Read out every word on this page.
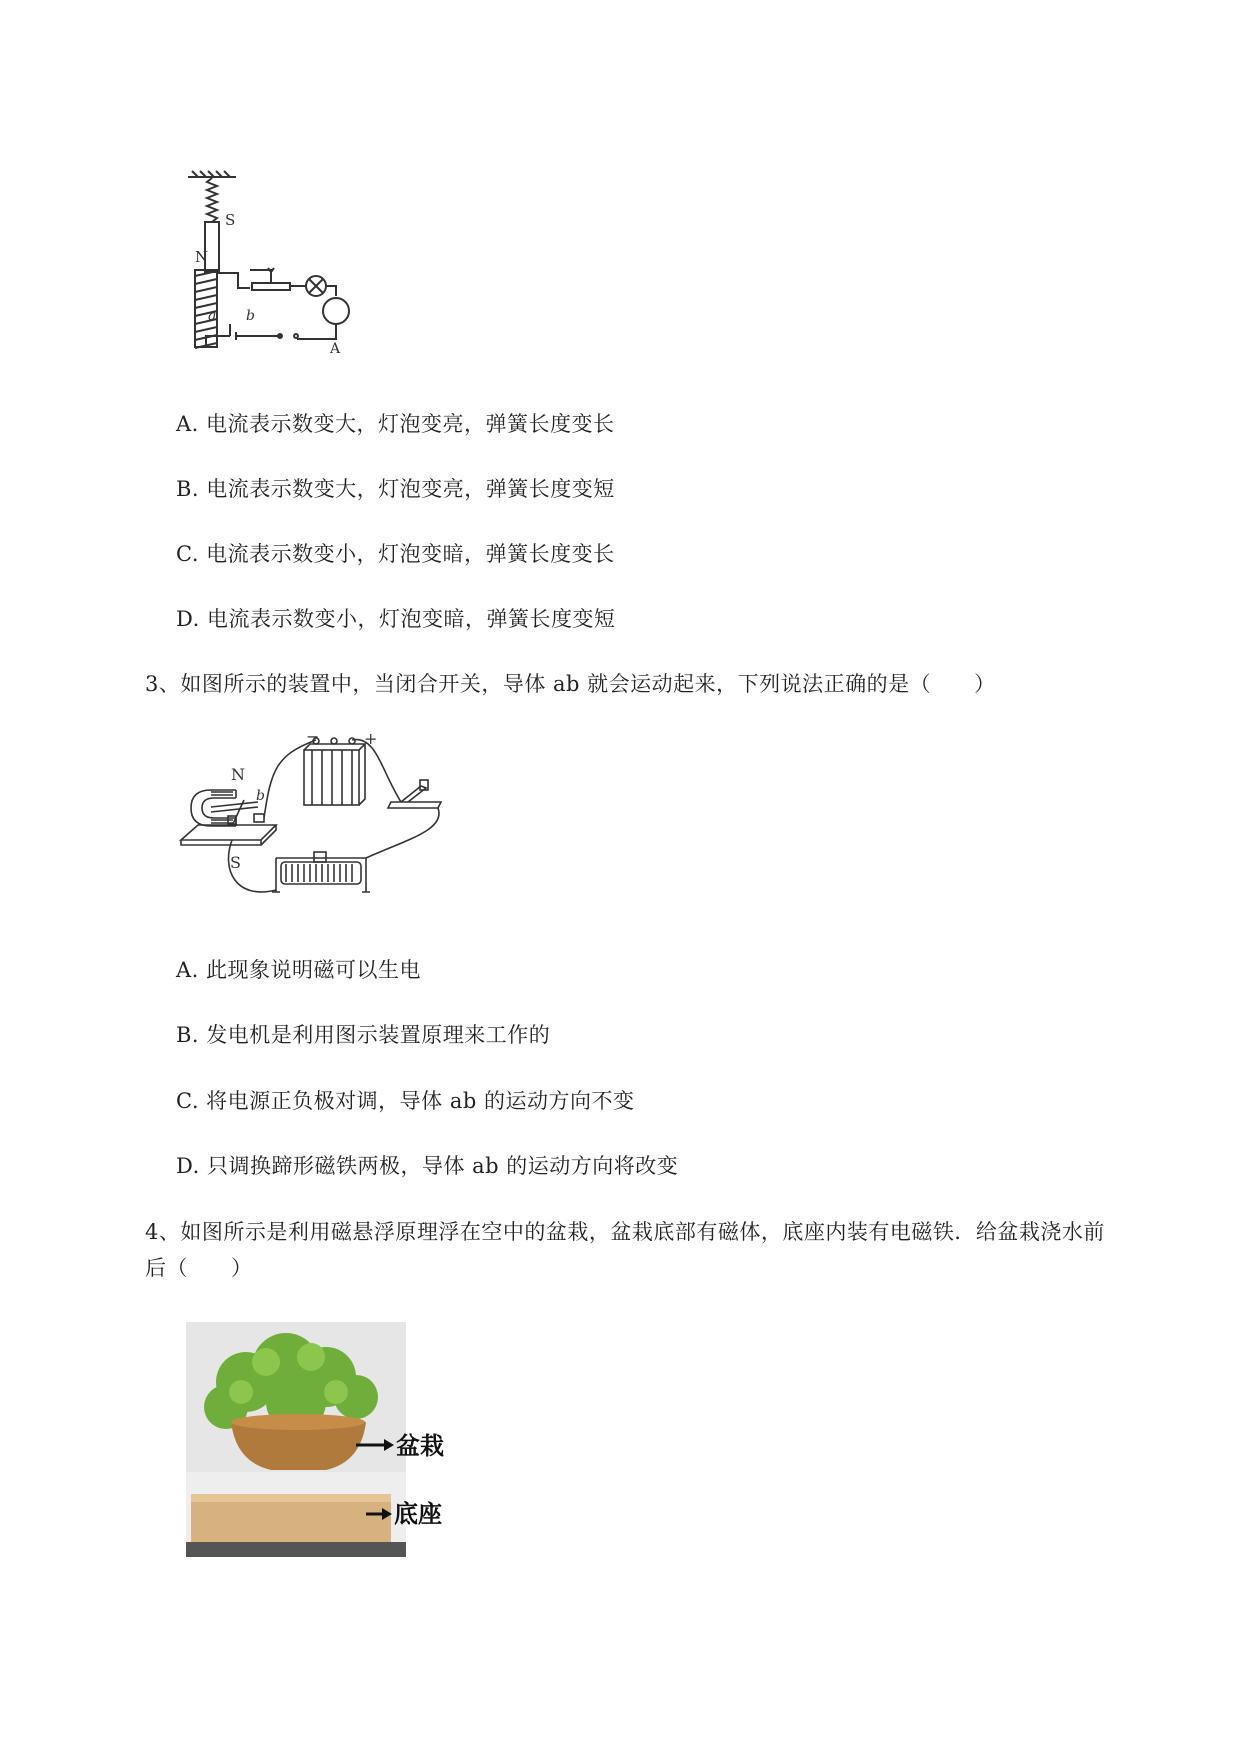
S
N
a b
A
A. 电流表示数变大，灯泡变亮，弹簧长度变长
B. 电流表示数变大，灯泡变亮，弹簧长度变短
C. 电流表示数变小，灯泡变暗，弹簧长度变长
D. 电流表示数变小，灯泡变暗，弹簧长度变短
3、如图所示的装置中，当闭合开关，导体 ab 就会运动起来，下列说法正确的是（　　）
N
S
b
−	+
A. 此现象说明磁可以生电
B. 发电机是利用图示装置原理来工作的
C. 将电源正负极对调，导体 ab 的运动方向不变
D. 只调换蹄形磁铁两极，导体 ab 的运动方向将改变
4、如图所示是利用磁悬浮原理浮在空中的盆栽，盆栽底部有磁体，底座内装有电磁铁．给盆栽浇水前
后（　　）
盆栽
底座
